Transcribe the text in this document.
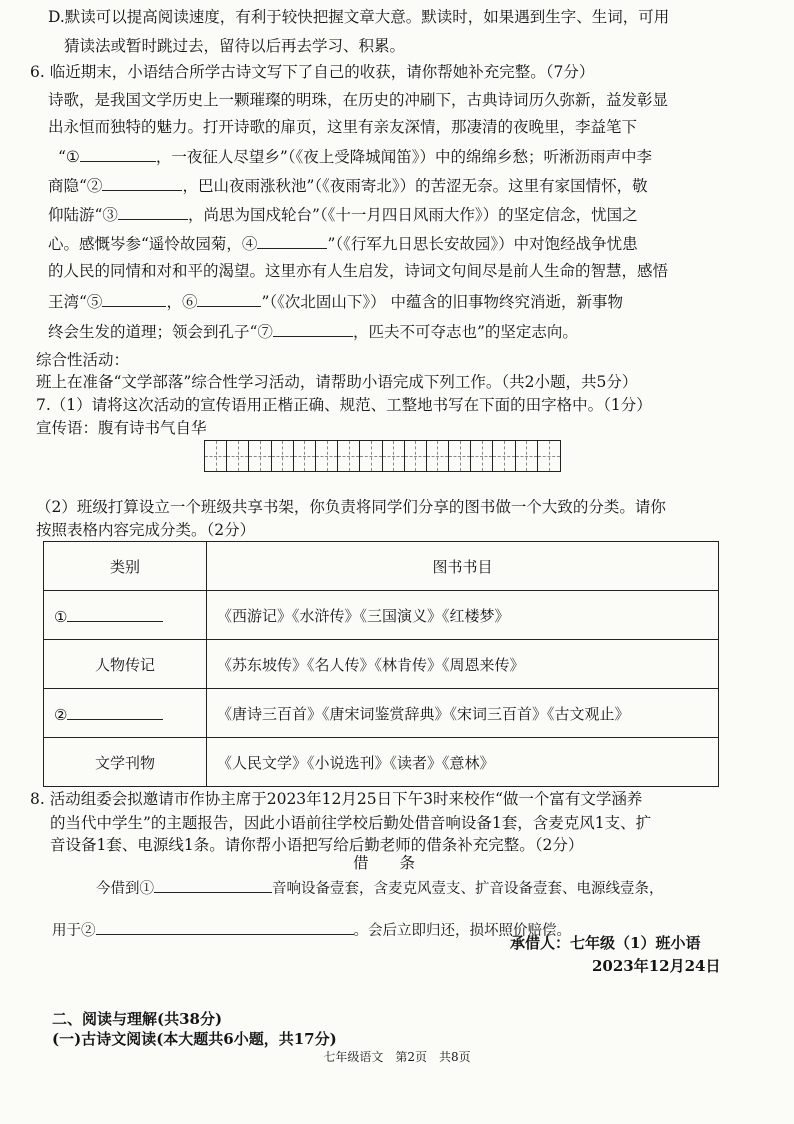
D.默读可以提高阅读速度，有利于较快把握文章大意。默读时，如果遇到生字、生词，可用
猜读法或暂时跳过去，留待以后再去学习、积累。
6. 临近期末，小语结合所学古诗文写下了自己的收获，请你帮她补充完整。（7分）
诗歌，是我国文学历史上一颗璀璨的明珠，在历史的冲刷下，古典诗词历久弥新，益发彰显
出永恒而独特的魅力。打开诗歌的扉页，这里有亲友深情，那凄清的夜晚里，李益笔下
“①	，一夜征人尽望乡”（《夜上受降城闻笛》）中的绵绵乡愁；听淅沥雨声中李
商隐“②	，巴山夜雨涨秋池”（《夜雨寄北》）的苦涩无奈。这里有家国情怀，敬
仰陆游“③	，尚思为国戍轮台”（《十一月四日风雨大作》）的坚定信念，忧国之
心。感慨岑参“遥怜故园菊，④	”（《行军九日思长安故园》）中对饱经战争忧患
的人民的同情和对和平的渴望。这里亦有人生启发，诗词文句间尽是前人生命的智慧，感悟
王湾“⑤	，⑥	”（《次北固山下》） 中蕴含的旧事物终究消逝，新事物
终会生发的道理；领会到孔子“⑦	，匹夫不可夺志也”的坚定志向。
综合性活动：
班上在准备“文学部落”综合性学习活动，请帮助小语完成下列工作。（共2小题，共5分）
7.（1）请将这次活动的宣传语用正楷正确、规范、工整地书写在下面的田字格中。（1分）
宣传语：腹有诗书气自华
（2）班级打算设立一个班级共享书架，你负责将同学们分享的图书做一个大致的分类。请你
按照表格内容完成分类。（2分）
类别	图书书目
①	《西游记》《水浒传》《三国演义》《红楼梦》
人物传记	《苏东坡传》《名人传》《林肯传》《周恩来传》
②	《唐诗三百首》《唐宋词鉴赏辞典》《宋词三百首》《古文观止》
文学刊物	《人民文学》《小说选刊》《读者》《意林》
8. 活动组委会拟邀请市作协主席于2023年12月25日下午3时来校作“做一个富有文学涵养
的当代中学生”的主题报告，因此小语前往学校后勤处借音响设备1套，含麦克风1支、扩
音设备1套、电源线1条。请你帮小语把写给后勤老师的借条补充完整。（2分）
借　　条
今借到①	音响设备壹套，含麦克风壹支、扩音设备壹套、电源线壹条，
用于②	。会后立即归还，损坏照价赔偿。
承借人：七年级（1）班小语
2023年12月24日
二、阅读与理解(共38分)
(一)古诗文阅读(本大题共6小题，共17分)
七年级语文　第2页　共8页
